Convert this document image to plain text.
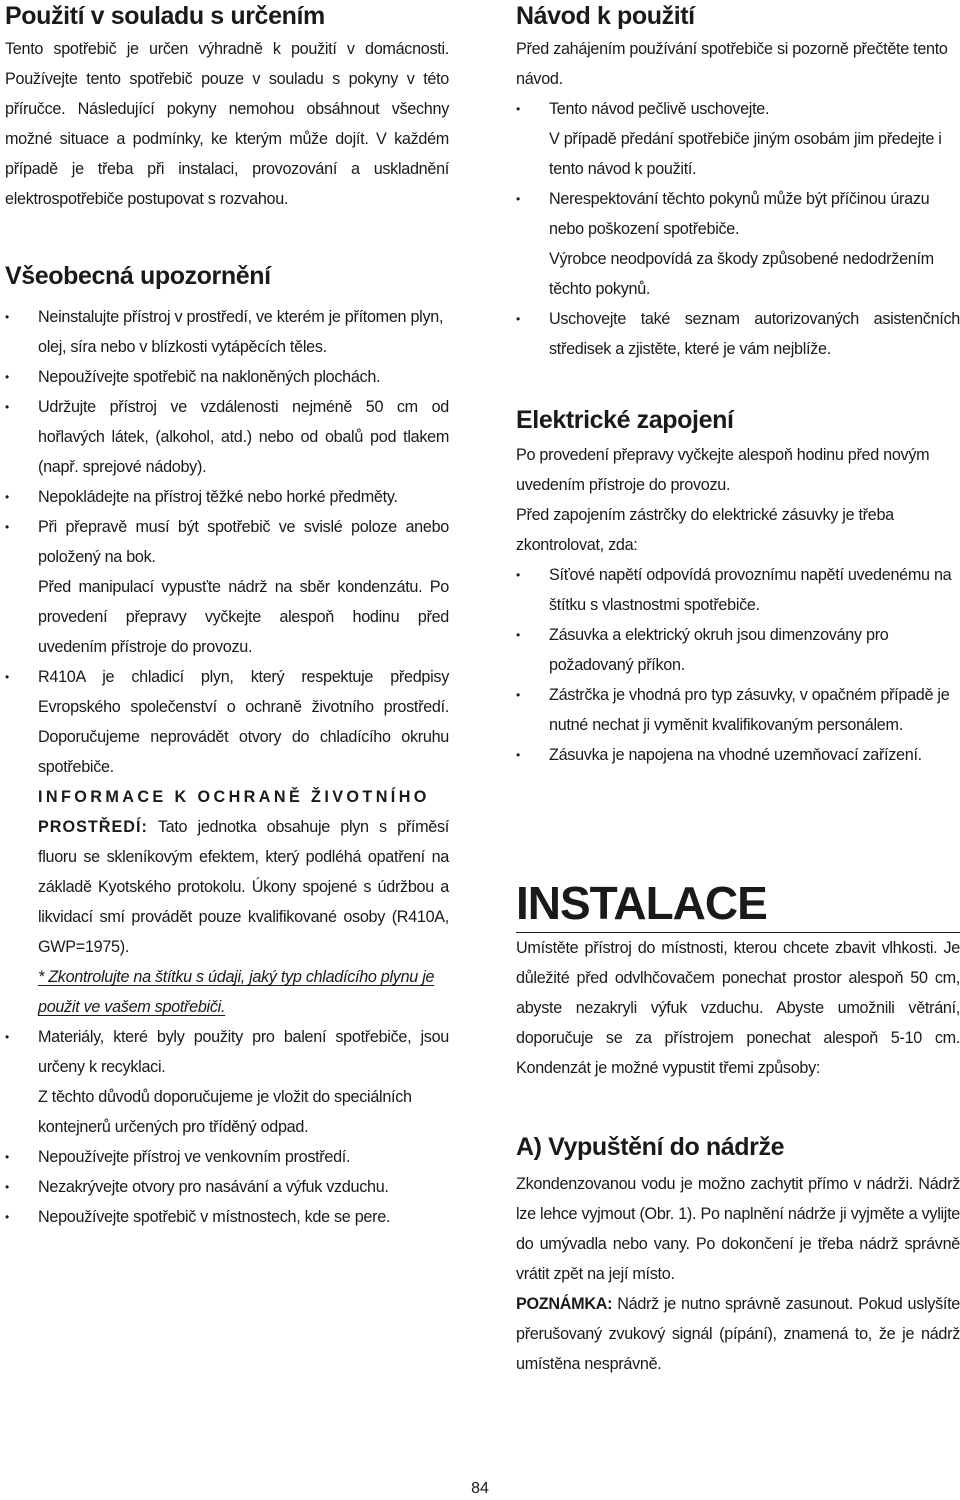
Použití v souladu s určením

Tento spotřebič je určen výhradně k použití v domácnosti. Používejte tento spotřebič pouze v souladu s pokyny v této příručce. Následující pokyny nemohou obsáhnout všechny možné situace a podmínky, ke kterým může dojít. V každém případě je třeba při instalaci, provozování a uskladnění elektrospotřebiče postupovat s rozvahou.

Všeobecná upozornění
• Neinstalujte přístroj v prostředí, ve kterém je přítomen plyn, olej, síra nebo v blízkosti vytápěcích těles.
• Nepoužívejte spotřebič na nakloněných plochách.
• Udržujte přístroj ve vzdálenosti nejméně 50 cm od hořlavých látek, (alkohol, atd.) nebo od obalů pod tlakem (např. sprejové nádoby).
• Nepokládejte na přístroj těžké nebo horké předměty.
• Při přepravě musí být spotřebič ve svislé poloze anebo položený na bok.
Před manipulací vypusťte nádrž na sběr kondenzátu. Po provedení přepravy vyčkejte alespoň hodinu před uvedením přístroje do provozu.
• R410A je chladicí plyn, který respektuje předpisy Evropského společenství o ochraně životního prostředí. Doporučujeme neprovádět otvory do chladícího okruhu spotřebiče.
INFORMACE K OCHRANĚ ŽIVOTNÍHO
PROSTŘEDÍ: Tato jednotka obsahuje plyn s příměsí fluoru se skleníkovým efektem, který podléhá opatření na základě Kyotského protokolu. Úkony spojené s údržbou a likvidací smí provádět pouze kvalifikované osoby (R410A, GWP=1975).
* Zkontrolujte na štítku s údaji, jaký typ chladícího plynu je použit ve vašem spotřebiči.
• Materiály, které byly použity pro balení spotřebiče, jsou určeny k recyklaci.
Z těchto důvodů doporučujeme je vložit do speciálních kontejnerů určených pro tříděný odpad.
• Nepoužívejte přístroj ve venkovním prostředí.
• Nezakrývejte otvory pro nasávání a výfuk vzduchu.
• Nepoužívejte spotřebič v místnostech, kde se pere.
Návod k použití

Před zahájením používání spotřebiče si pozorně přečtěte tento návod.

• Tento návod pečlivě uschovejte.
V případě předání spotřebiče jiným osobám jim předejte i tento návod k použití.
• Nerespektování těchto pokynů může být příčinou úrazu nebo poškození spotřebiče.
Výrobce neodpovídá za škody způsobené nedodržením těchto pokynů.
• Uschovejte také seznam autorizovaných asistenčních středisek a zjistěte, které je vám nejblíže.
Elektrické zapojení

Po provedení přepravy vyčkejte alespoň hodinu před novým uvedením přístroje do provozu.

Před zapojením zástrčky do elektrické zásuvky je třeba zkontrolovat, zda:

• Síťové napětí odpovídá provoznímu napětí uvedenému na štítku s vlastnostmi spotřebiče.
• Zásuvka a elektrický okruh jsou dimenzovány pro požadovaný příkon.
• Zástrčka je vhodná pro typ zásuvky, v opačném případě je nutné nechat ji vyměnit kvalifikovaným personálem.
• Zásuvka je napojena na vhodné uzemňovací zařízení.
INSTALACE

Umístěte přístroj do místnosti, kterou chcete zbavit vlhkosti. Je důležité před odvlhčovačem ponechat prostor alespoň 50 cm, abyste nezakryli výfuk vzduchu. Abyste umožnili větrání, doporučuje se za přístrojem ponechat alespoň 5-10 cm. Kondenzát je možné vypustit třemi způsoby:

A) Vypuštění do nádrže

Zkondenzovanou vodu je možno zachytit přímo v nádrži. Nádrž lze lehce vyjmout (Obr. 1). Po naplnění nádrže ji vyjměte a vylijte do umývadla nebo vany. Po dokončení je třeba nádrž správně vrátit zpět na její místo.

POZNÁMKA: Nádrž je nutno správně zasunout. Pokud uslyšíte přerušovaný zvukový signál (pípání), znamená to, že je nádrž umístěna nesprávně.

84
